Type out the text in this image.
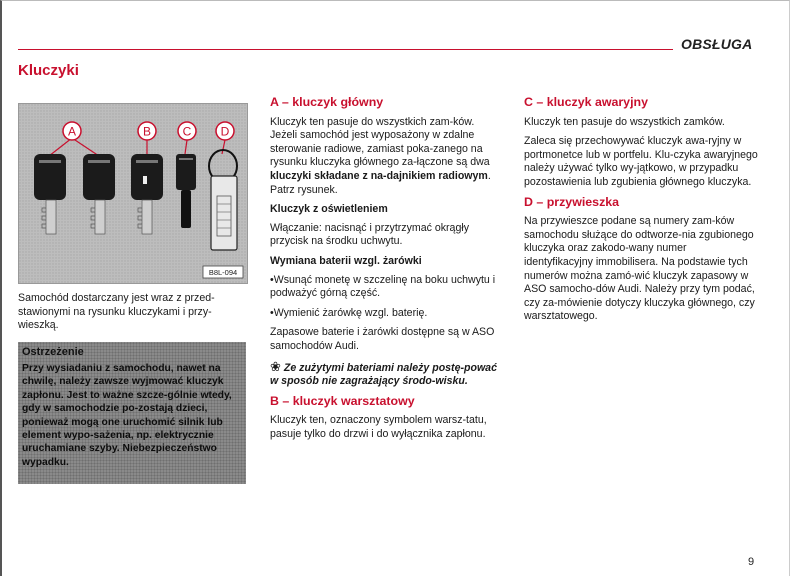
OBSŁUGA
Kluczyki
A	B	C D
B8L-094
Samochód dostarczany jest wraz z przed-stawionymi na rysunku kluczykami i przy-wieszką.
Ostrzeżenie
Przy wysiadaniu z samochodu, nawet na chwilę, należy zawsze wyjmować kluczyk zapłonu. Jest to ważne szcze-gólnie wtedy, gdy w samochodzie po-zostają dzieci, ponieważ mogą one uruchomić silnik lub element wypo-sażenia, np. elektrycznie uruchamiane szyby. Niebezpieczeństwo wypadku.
A – kluczyk główny

Kluczyk ten pasuje do wszystkich zam-ków. Jeżeli samochód jest wyposażony w zdalne sterowanie radiowe, zamiast poka-zanego na rysunku kluczyka głównego za-łączone są dwa kluczyki składane z na-dajnikiem radiowym. Patrz rysunek.

Kluczyk z oświetleniem

Włączanie: nacisnąć i przytrzymać okrągły przycisk na środku uchwytu.

Wymiana baterii wzgl. żarówki

• Wsunąć monetę w szczelinę na boku uchwytu i podważyć górną część.

• Wymienić żarówkę wzgl. baterię.

Zapasowe baterie i żarówki dostępne są w ASO samochodów Audi.

❀ Ze zużytymi bateriami należy postę-pować w sposób nie zagrażający środo-wisku.

B – kluczyk warsztatowy

Kluczyk ten, oznaczony symbolem warsz-tatu, pasuje tylko do drzwi i do wyłącznika zapłonu.

C – kluczyk awaryjny

Kluczyk ten pasuje do wszystkich zamków.

Zaleca się przechowywać kluczyk awa-ryjny w portmonetce lub w portfelu. Klu-czyka awaryjnego należy używać tylko wy-jątkowo, w przypadku pozostawienia lub zgubienia głównego kluczyka.

D – przywieszka

Na przywieszce podane są numery zam-ków samochodu służące do odtworze-nia zgubionego kluczyka oraz zakodo-wany numer identyfikacyjny immobilisera. Na podstawie tych numerów można zamó-wić kluczyk zapasowy w ASO samocho-dów Audi. Należy przy tym podać, czy za-mówienie dotyczy kluczyka głównego, czy warsztatowego.

9
